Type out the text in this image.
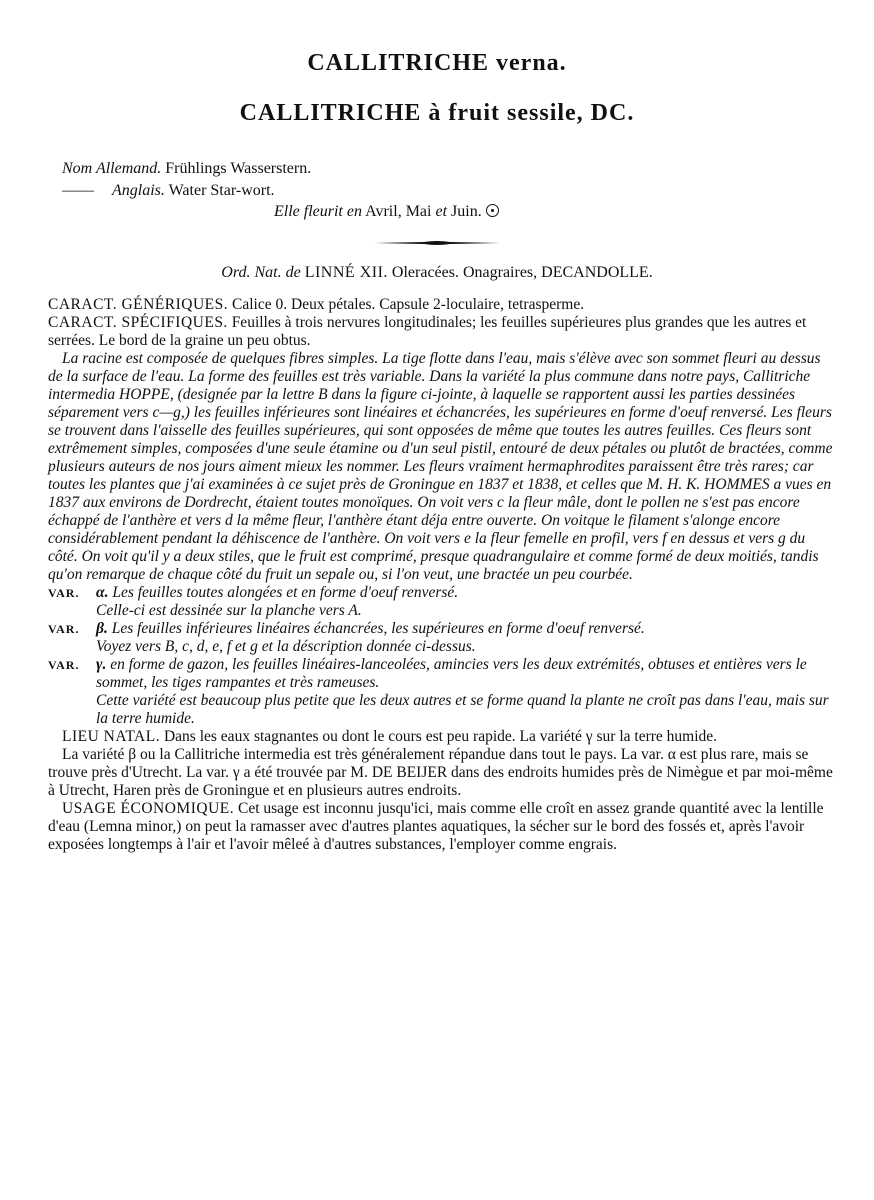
CALLITRICHE verna.
CALLITRICHE à fruit sessile, DC.
Nom Allemand. Frühlings Wasserstern.
—— Anglais. Water Star-wort.
Elle fleurit en Avril, Mai et Juin.
Ord. Nat. de LINNÉ XII. Oleracées. Onagraires, DECANDOLLE.

CARACT. GÉNÉRIQUES. Calice 0. Deux pétales. Capsule 2-loculaire, tetrasperme.

CARACT. SPÉCIFIQUES. Feuilles à trois nervures longitudinales; les feuilles supérieures plus grandes que les autres et serrées. Le bord de la graine un peu obtus.

La racine est composée de quelques fibres simples. La tige flotte dans l'eau, mais s'élève avec son sommet fleuri au dessus de la surface de l'eau. La forme des feuilles est très variable. Dans la variété la plus commune dans notre pays, Callitriche intermedia HOPPE, (designée par la lettre B dans la figure ci-jointe, à laquelle se rapportent aussi les parties dessinées séparement vers c—g,) les feuilles inférieures sont linéaires et échancrées, les supérieures en forme d'oeuf renversé. Les fleurs se trouvent dans l'aisselle des feuilles supérieures, qui sont opposées de même que toutes les autres feuilles. Ces fleurs sont extrêmement simples, composées d'une seule étamine ou d'un seul pistil, entouré de deux pétales ou plutôt de bractées, comme plusieurs auteurs de nos jours aiment mieux les nommer. Les fleurs vraiment hermaphrodites paraissent être très rares; car toutes les plantes que j'ai examinées à ce sujet près de Groningue en 1837 et 1838, et celles que M. H. K. HOMMES a vues en 1837 aux environs de Dordrecht, étaient toutes monoïques. On voit vers c la fleur mâle, dont le pollen ne s'est pas encore échappé de l'anthère et vers d la même fleur, l'anthère étant déja entre ouverte. On voitque le filament s'alonge encore considérablement pendant la déhiscence de l'anthère. On voit vers e la fleur femelle en profil, vers f en dessus et vers g du côté. On voit qu'il y a deux stiles, que le fruit est comprimé, presque quadrangulaire et comme formé de deux moitiés, tandis qu'on remarque de chaque côté du fruit un sepale ou, si l'on veut, une bractée un peu courbée.

VAR.	α. Les feuilles toutes alongées et en forme d'oeuf renversé.
Celle-ci est dessinée sur la planche vers A.
VAR.	β. Les feuilles inférieures linéaires échancrées, les supérieures en forme d'oeuf renversé.
Voyez vers B, c, d, e, f et g et la déscription donnée ci-dessus.
VAR.	γ. en forme de gazon, les feuilles linéaires-lanceolées, amincies vers les deux extrémités, obtuses et entières vers le sommet, les tiges rampantes et très rameuses.
Cette variété est beaucoup plus petite que les deux autres et se forme quand la plante ne croît pas dans l'eau, mais sur la terre humide.

LIEU NATAL. Dans les eaux stagnantes ou dont le cours est peu rapide. La variété γ sur la terre humide.

La variété β ou la Callitriche intermedia est très généralement répandue dans tout le pays. La var. α est plus rare, mais se trouve près d'Utrecht. La var. γ a été trouvée par M. DE BEIJER dans des endroits humides près de Nimègue et par moi-même à Utrecht, Haren près de Groningue et en plusieurs autres endroits.

USAGE ÉCONOMIQUE. Cet usage est inconnu jusqu'ici, mais comme elle croît en assez grande quantité avec la lentille d'eau (Lemna minor,) on peut la ramasser avec d'autres plantes aquatiques, la sécher sur le bord des fossés et, après l'avoir exposées longtemps à l'air et l'avoir mêleé à d'autres substances, l'employer comme engrais.
